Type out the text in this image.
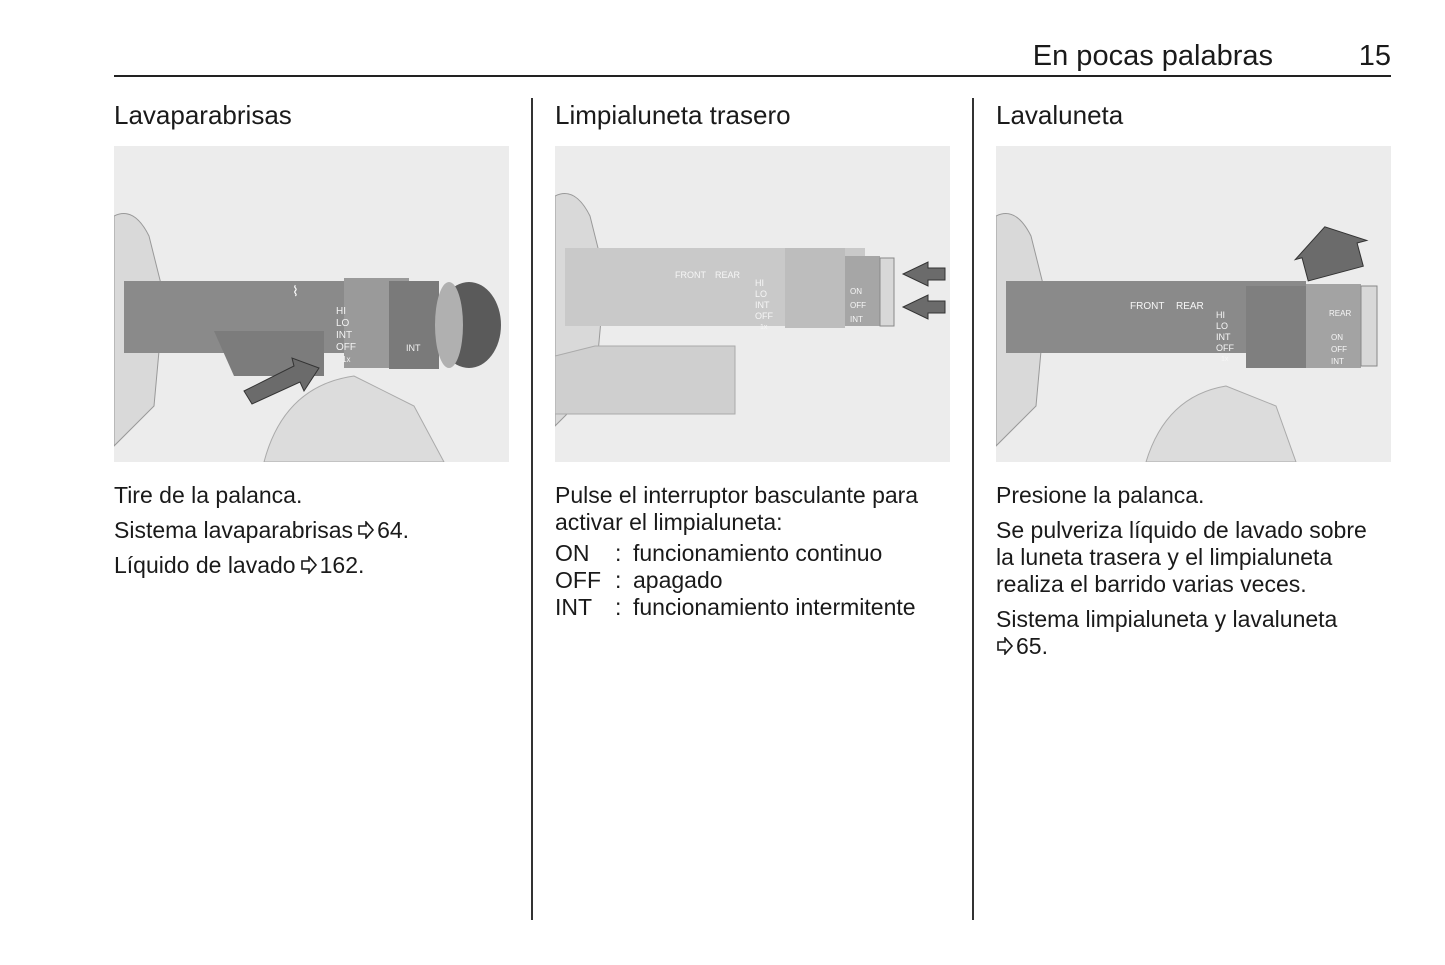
En pocas palabras	15
Lavaparabrisas
⌇
HI
LO
INT
OFF
1x
INT

Tire de la palanca.

Sistema lavaparabrisas 64.

Líquido de lavado 162.

Limpialuneta trasero
FRONT REAR
HI
LO
INT
OFF
1x
ON
OFF
INT

Pulse el interruptor basculante para activar el limpialuneta:

ON	: funcionamiento continuo
OFF : apagado
INT : funcionamiento intermitente
Lavaluneta
FRONT REAR
HI
LO
INT
OFF
1x
REAR
ON
OFF
INT

Presione la palanca.

Se pulveriza líquido de lavado sobre la luneta trasera y el limpialuneta realiza el barrido varias veces.

Sistema limpialuneta y lavaluneta
65.
